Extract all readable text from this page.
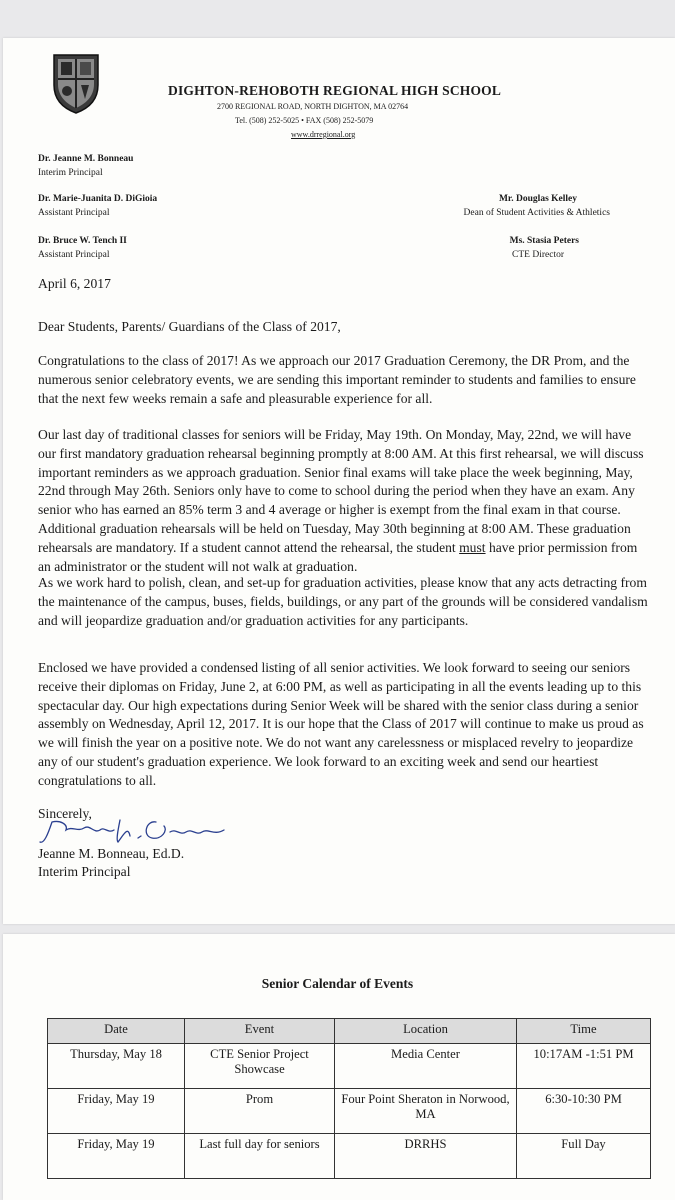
DIGHTON-REHOBOTH REGIONAL HIGH SCHOOL
2700 REGIONAL ROAD, NORTH DIGHTON, MA 02764
Tel. (508) 252-5025 • FAX (508) 252-5079
www.drregional.org
Dr. Jeanne M. Bonneau
Interim Principal
Dr. Marie-Juanita D. DiGioia
Assistant Principal
Dr. Bruce W. Tench II
Assistant Principal
Mr. Douglas Kelley
Dean of Student Activities & Athletics
Ms. Stasia Peters
CTE Director
April 6, 2017
Dear Students, Parents/ Guardians of the Class of 2017,
Congratulations to the class of 2017! As we approach our 2017 Graduation Ceremony, the DR Prom, and the
numerous senior celebratory events, we are sending this important reminder to students and families to ensure
that the next few weeks remain a safe and pleasurable experience for all.
Our last day of traditional classes for seniors will be Friday, May 19th. On Monday, May, 22nd, we will have
our first mandatory graduation rehearsal beginning promptly at 8:00 AM. At this first rehearsal, we will discuss
important reminders as we approach graduation. Senior final exams will take place the week beginning, May,
22nd through May 26th. Seniors only have to come to school during the period when they have an exam. Any
senior who has earned an 85% term 3 and 4 average or higher is exempt from the final exam in that course.
Additional graduation rehearsals will be held on Tuesday, May 30th beginning at 8:00 AM. These graduation
rehearsals are mandatory. If a student cannot attend the rehearsal, the student must have prior permission from
an administrator or the student will not walk at graduation.
As we work hard to polish, clean, and set-up for graduation activities, please know that any acts detracting from
the maintenance of the campus, buses, fields, buildings, or any part of the grounds will be considered vandalism
and will jeopardize graduation and/or graduation activities for any participants.
Enclosed we have provided a condensed listing of all senior activities. We look forward to seeing our seniors
receive their diplomas on Friday, June 2, at 6:00 PM, as well as participating in all the events leading up to this
spectacular day. Our high expectations during Senior Week will be shared with the senior class during a senior
assembly on Wednesday, April 12, 2017. It is our hope that the Class of 2017 will continue to make us proud as
we will finish the year on a positive note. We do not want any carelessness or misplaced revelry to jeopardize
any of our student's graduation experience. We look forward to an exciting week and send our heartiest
congratulations to all.
Sincerely,
Jeanne M. Bonneau, Ed.D.
Interim Principal
Senior Calendar of Events
Date	Event	Location	Time
Thursday, May 18	CTE Senior Project Showcase	Media Center	10:17AM -1:51 PM
Friday, May 19	Prom	Four Point Sheraton in Norwood, MA	6:30-10:30 PM
Friday, May 19	Last full day for seniors	DRRHS	Full Day
